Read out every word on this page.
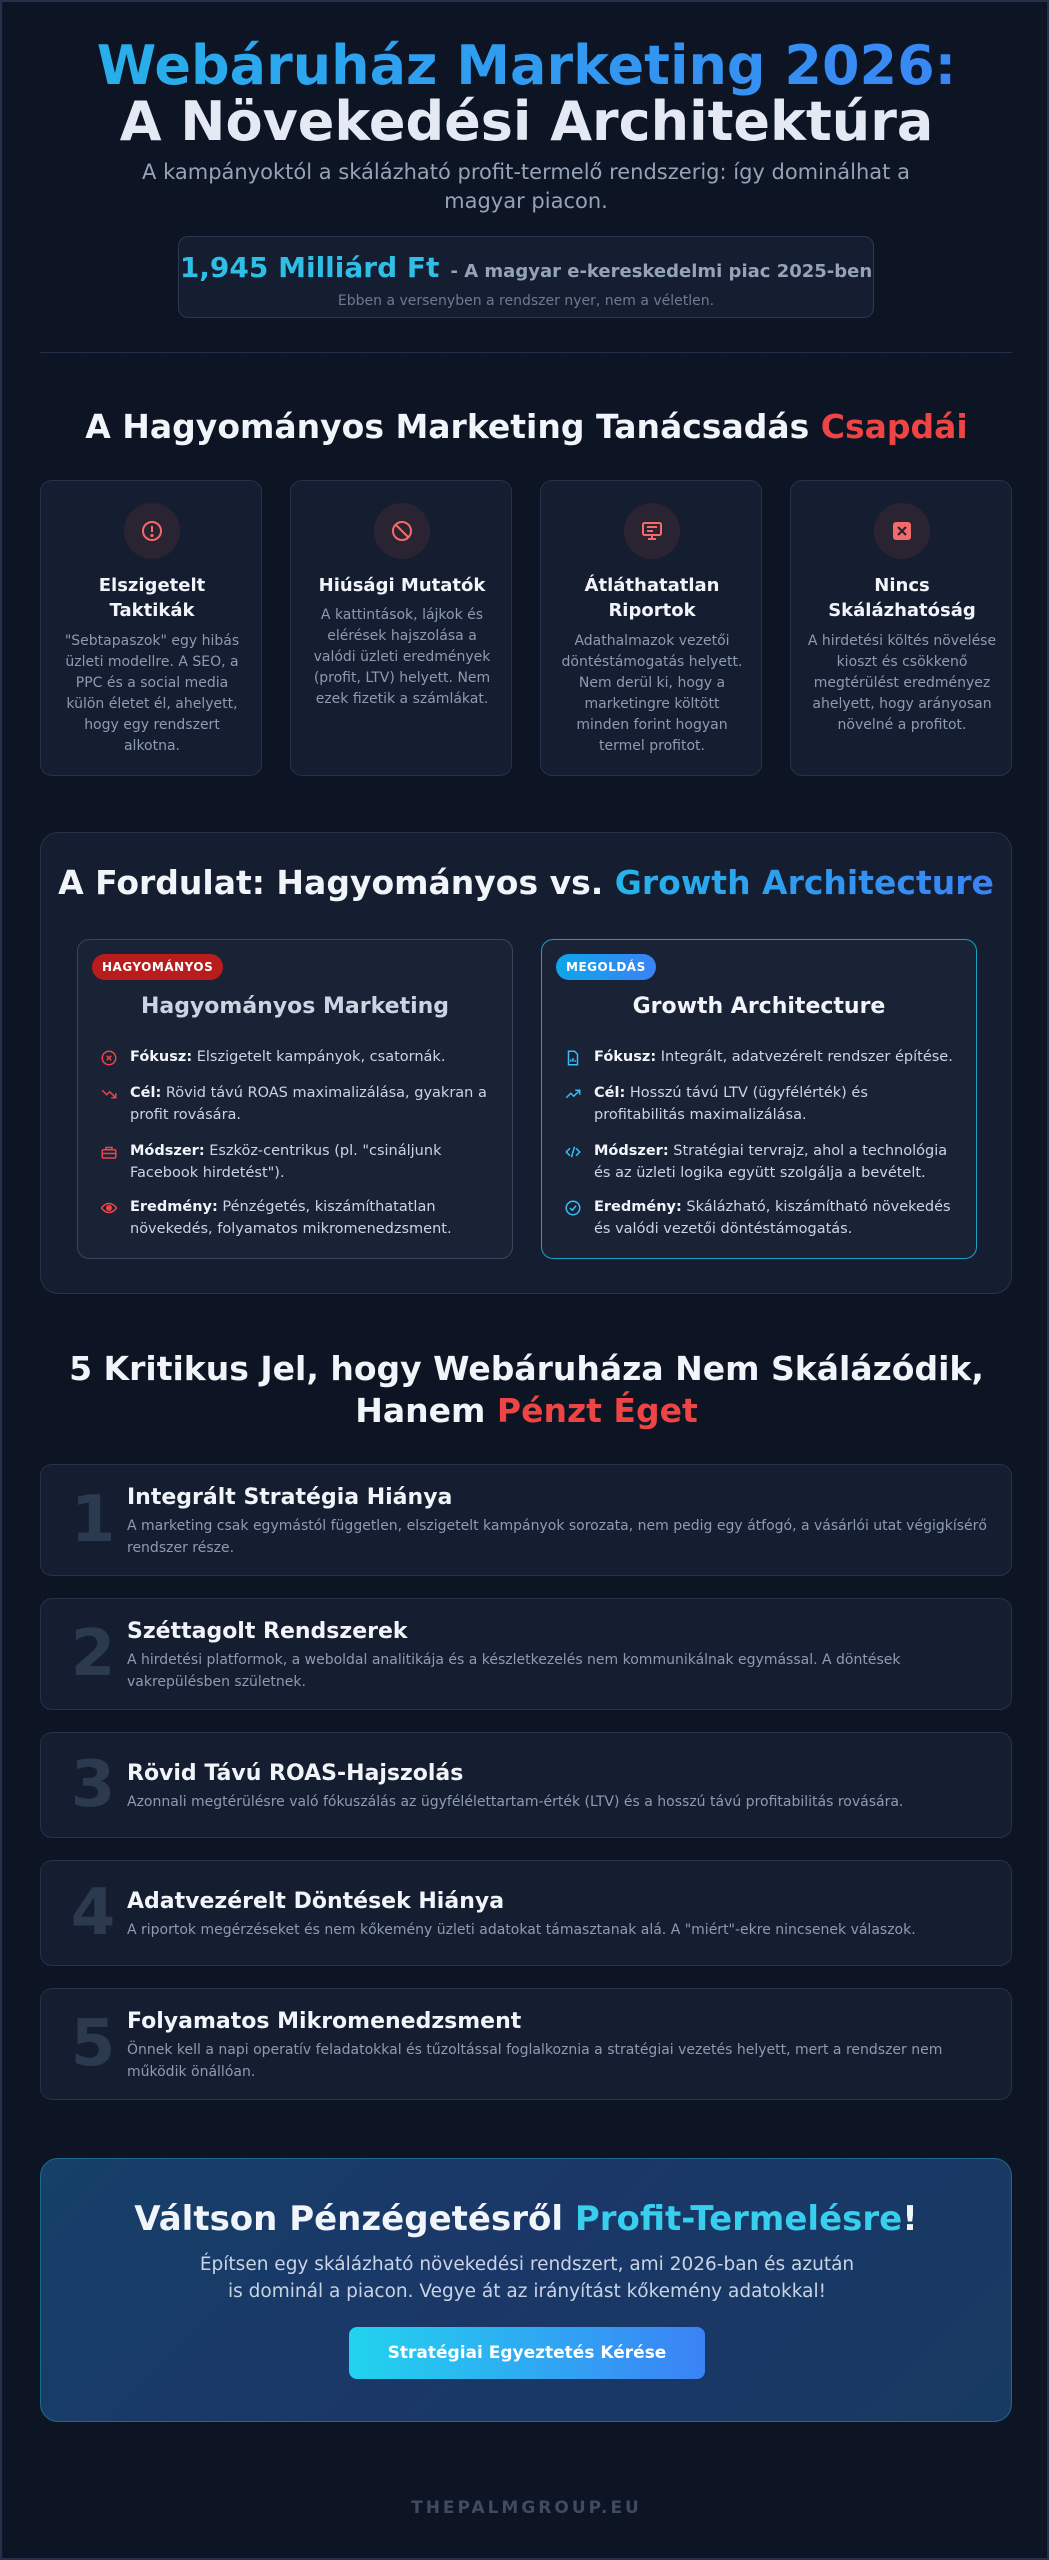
Webáruház Marketing 2026:
A Növekedési Architektúra

A kampányoktól a skálázható profit-termelő rendszerig: így dominálhat a magyar piacon.

1,945 Milliárd Ft - A magyar e-kereskedelmi piac 2025-ben
Ebben a versenyben a rendszer nyer, nem a véletlen.
A Hagyományos Marketing Tanácsadás Csapdái
Elszigetelt Taktikák
"Sebtapaszok" egy hibás üzleti modellre. A SEO, a PPC és a social media külön életet él, ahelyett, hogy egy rendszert alkotna.
Hiúsági Mutatók
A kattintások, lájkok és elérések hajszolása a valódi üzleti eredmények (profit, LTV) helyett. Nem ezek fizetik a számlákat.
Átláthatatlan Riportok
Adathalmazok vezetői döntéstámogatás helyett. Nem derül ki, hogy a marketingre költött minden forint hogyan termel profitot.
Nincs Skálázhatóság
A hirdetési költés növelése kioszt és csökkenő megtérülést eredményez ahelyett, hogy arányosan növelné a profitot.
A Fordulat: Hagyományos vs. Growth Architecture
HAGYOMÁNYOS
Hagyományos Marketing
Fókusz: Elszigetelt kampányok, csatornák.
Cél: Rövid távú ROAS maximalizálása, gyakran a profit rovására.
Módszer: Eszköz-centrikus (pl. "csináljunk Facebook hirdetést").
Eredmény: Pénzégetés, kiszámíthatatlan növekedés, folyamatos mikromenedzsment.
MEGOLDÁS
Growth Architecture
Fókusz: Integrált, adatvezérelt rendszer építése.
Cél: Hosszú távú LTV (ügyfélérték) és profitabilitás maximalizálása.
Módszer: Stratégiai tervrajz, ahol a technológia és az üzleti logika együtt szolgálja a bevételt.
Eredmény: Skálázható, kiszámítható növekedés és valódi vezetői döntéstámogatás.
5 Kritikus Jel, hogy Webáruháza Nem Skálázódik,
Hanem Pénzt Éget
1 Integrált Stratégia Hiánya
A marketing csak egymástól független, elszigetelt kampányok sorozata, nem pedig egy átfogó, a vásárlói utat végigkísérő rendszer része.
2 Széttagolt Rendszerek
A hirdetési platformok, a weboldal analitikája és a készletkezelés nem kommunikálnak egymással. A döntések vakrepülésben születnek.
3 Rövid Távú ROAS-Hajszolás
Azonnali megtérülésre való fókuszálás az ügyfélélettartam-érték (LTV) és a hosszú távú profitabilitás rovására.
4 Adatvezérelt Döntések Hiánya
A riportok megérzéseket és nem kőkemény üzleti adatokat támasztanak alá. A "miért"-ekre nincsenek válaszok.
5 Folyamatos Mikromenedzsment
Önnek kell a napi operatív feladatokkal és tűzoltással foglalkoznia a stratégiai vezetés helyett, mert a rendszer nem működik önállóan.
Váltson Pénzégetésről Profit-Termelésre!

Építsen egy skálázható növekedési rendszert, ami 2026-ban és azután is dominál a piacon. Vegye át az irányítást kőkemény adatokkal!

Stratégiai Egyeztetés Kérése
THEPALMGROUP.EU
